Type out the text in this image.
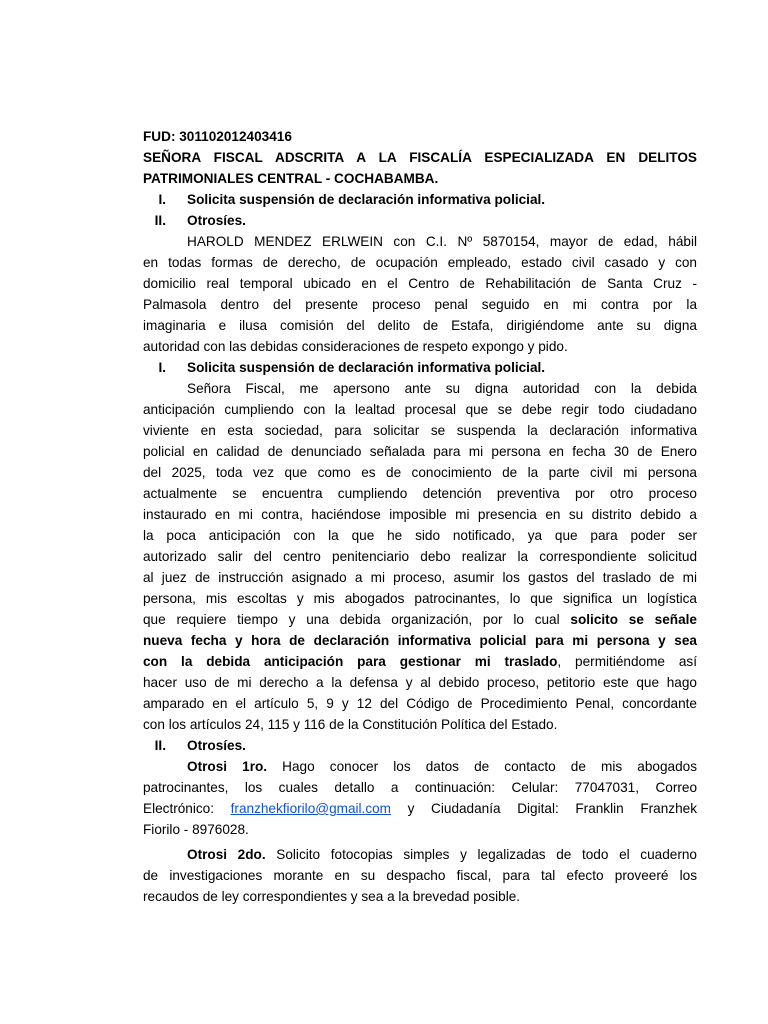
FUD: 301102012403416

SEÑORA FISCAL ADSCRITA A LA FISCALÍA ESPECIALIZADA EN DELITOS

PATRIMONIALES CENTRAL - COCHABAMBA.

I. Solicita suspensión de declaración informativa policial.
II. Otrosíes.

HAROLD MENDEZ ERLWEIN con C.I. Nº 5870154, mayor de edad, hábil

en todas formas de derecho, de ocupación empleado, estado civil casado y con

domicilio real temporal ubicado en el Centro de Rehabilitación de Santa Cruz -

Palmasola dentro del presente proceso penal seguido en mi contra por la

imaginaria e ilusa comisión del delito de Estafa, dirigiéndome ante su digna

autoridad con las debidas consideraciones de respeto expongo y pido.

I. Solicita suspensión de declaración informativa policial.

Señora Fiscal, me apersono ante su digna autoridad con la debida

anticipación cumpliendo con la lealtad procesal que se debe regir todo ciudadano

viviente en esta sociedad, para solicitar se suspenda la declaración informativa

policial en calidad de denunciado señalada para mi persona en fecha 30 de Enero

del 2025, toda vez que como es de conocimiento de la parte civil mi persona

actualmente se encuentra cumpliendo detención preventiva por otro proceso

instaurado en mi contra, haciéndose imposible mi presencia en su distrito debido a

la poca anticipación con la que he sido notificado, ya que para poder ser

autorizado salir del centro penitenciario debo realizar la correspondiente solicitud

al juez de instrucción asignado a mi proceso, asumir los gastos del traslado de mi

persona, mis escoltas y mis abogados patrocinantes, lo que significa un logística

que requiere tiempo y una debida organización, por lo cual solicito se señale

nueva fecha y hora de declaración informativa policial para mi persona y sea

con la debida anticipación para gestionar mi traslado, permitiéndome así

hacer uso de mi derecho a la defensa y al debido proceso, petitorio este que hago

amparado en el artículo 5, 9 y 12 del Código de Procedimiento Penal, concordante

con los artículos 24, 115 y 116 de la Constitución Política del Estado.

II. Otrosíes.

Otrosi 1ro. Hago conocer los datos de contacto de mis abogados

patrocinantes, los cuales detallo a continuación: Celular: 77047031, Correo

Electrónico: franzhekfiorilo@gmail.com y Ciudadanía Digital: Franklin Franzhek

Fiorilo - 8976028.

Otrosi 2do. Solicito fotocopias simples y legalizadas de todo el cuaderno

de investigaciones morante en su despacho fiscal, para tal efecto proveeré los

recaudos de ley correspondientes y sea a la brevedad posible.
